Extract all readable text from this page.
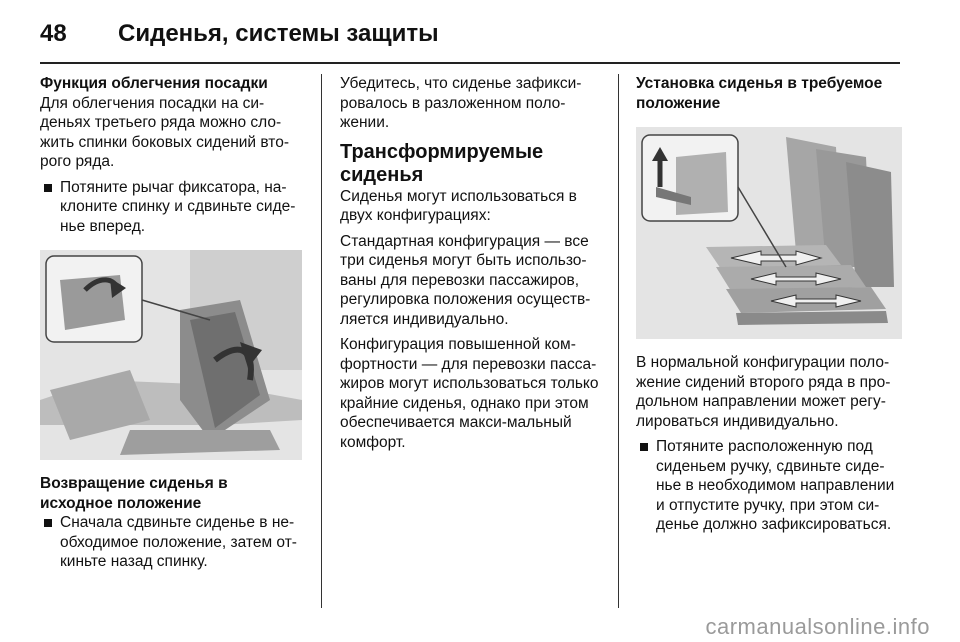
48	Сиденья, системы защиты
Функция облегчения посадки

Для облегчения посадки на си-деньях третьего ряда можно сло-жить спинки боковых сидений вто-рого ряда.

Потяните рычаг фиксатора, на-клоните спинку и сдвиньте сиде-нье вперед.
Возвращение сиденья в исходное положение
Сначала сдвиньте сиденье в не-обходимое положение, затем от-киньте назад спинку.

Убедитесь, что сиденье зафикси-ровалось в разложенном поло-жении.

Трансформируемые сиденья

Сиденья могут использоваться в двух конфигурациях:

Стандартная конфигурация — все три сиденья могут быть использо-ваны для перевозки пассажиров, регулировка положения осуществ-ляется индивидуально.

Конфигурация повышенной ком-фортности — для перевозки пасса-жиров могут использоваться только крайние сиденья, однако при этом обеспечивается макси-мальный комфорт.

Установка сиденья в требуемое положение

В нормальной конфигурации поло-жение сидений второго ряда в про-дольном направлении может регу-лироваться индивидуально.

Потяните расположенную под сиденьем ручку, сдвиньте сиде-нье в необходимом направлении и отпустите ручку, при этом си-денье должно зафиксироваться.
carmanualsonline.info
